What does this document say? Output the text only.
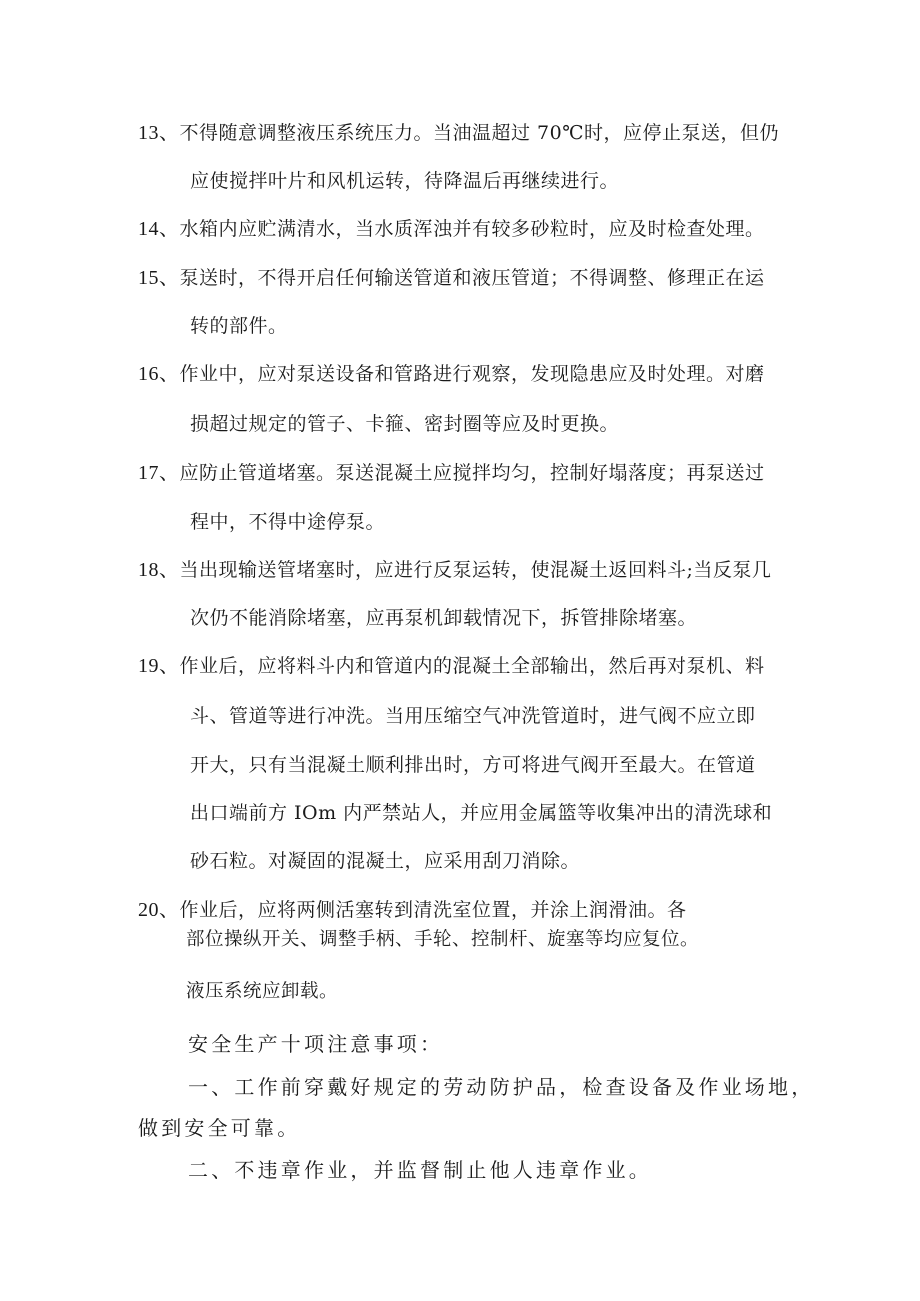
13、不得随意调整液压系统压力。当油温超过 70℃时，应停止泵送，但仍
应使搅拌叶片和风机运转，待降温后再继续进行。
14、水箱内应贮满清水，当水质浑浊并有较多砂粒时，应及时检查处理。
15、泵送时，不得开启任何输送管道和液压管道；不得调整、修理正在运
转的部件。
16、作业中，应对泵送设备和管路进行观察，发现隐患应及时处理。对磨
损超过规定的管子、卡箍、密封圈等应及时更换。
17、应防止管道堵塞。泵送混凝土应搅拌均匀，控制好塌落度；再泵送过
程中，不得中途停泵。
18、当出现输送管堵塞时，应进行反泵运转，使混凝土返回料斗;当反泵几
次仍不能消除堵塞，应再泵机卸载情况下，拆管排除堵塞。
19、作业后，应将料斗内和管道内的混凝土全部输出，然后再对泵机、料
斗、管道等进行冲洗。当用压缩空气冲洗管道时，进气阀不应立即
开大，只有当混凝土顺利排出时，方可将进气阀开至最大。在管道
出口端前方 IOm 内严禁站人，并应用金属篮等收集冲出的清洗球和
砂石粒。对凝固的混凝土，应采用刮刀消除。
20、作业后，应将两侧活塞转到清洗室位置，并涂上润滑油。各
部位操纵开关、调整手柄、手轮、控制杆、旋塞等均应复位。
液压系统应卸载。
安全生产十项注意事项：
一、工作前穿戴好规定的劳动防护品，检查设备及作业场地，
做到安全可靠。
二、不违章作业，并监督制止他人违章作业。
